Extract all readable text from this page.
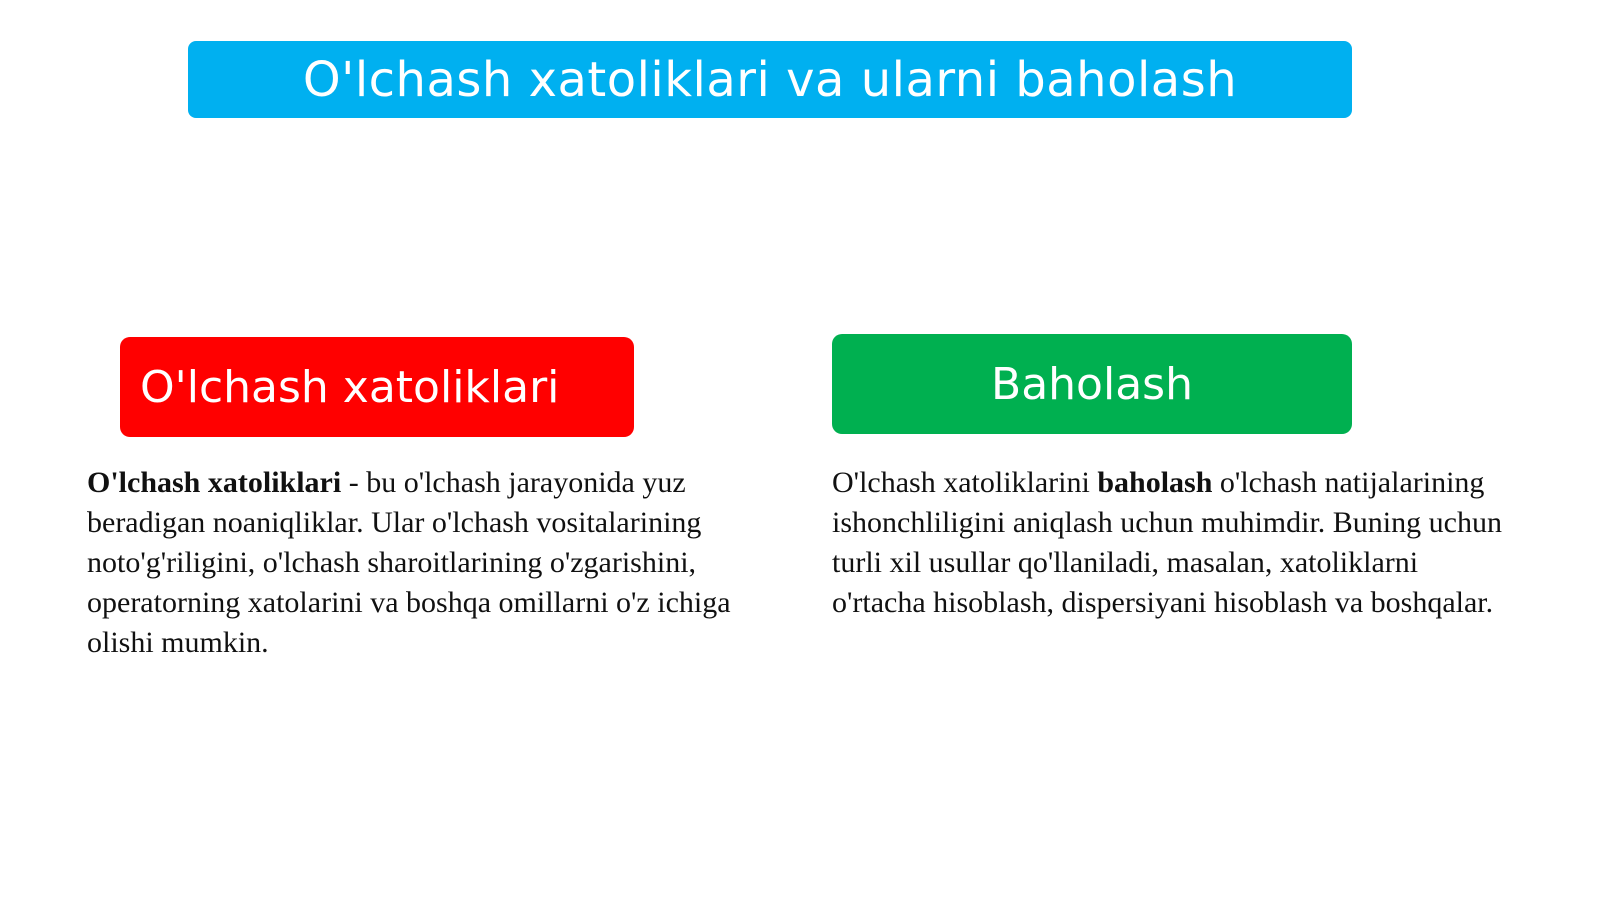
O'lchash xatoliklari va ularni baholash
O'lchash xatoliklari	Baholash
O'lchash xatoliklari - bu o'lchash jarayonida yuz beradigan noaniqliklar. Ular o'lchash vositalarining noto'g'riligini, o'lchash sharoitlarining o'zgarishini, operatorning xatolarini va boshqa omillarni o'z ichiga olishi mumkin.
O'lchash xatoliklarini baholash o'lchash natijalarining ishonchliligini aniqlash uchun muhimdir. Buning uchun turli xil usullar qo'llaniladi, masalan, xatoliklarni o'rtacha hisoblash, dispersiyani hisoblash va boshqalar.
